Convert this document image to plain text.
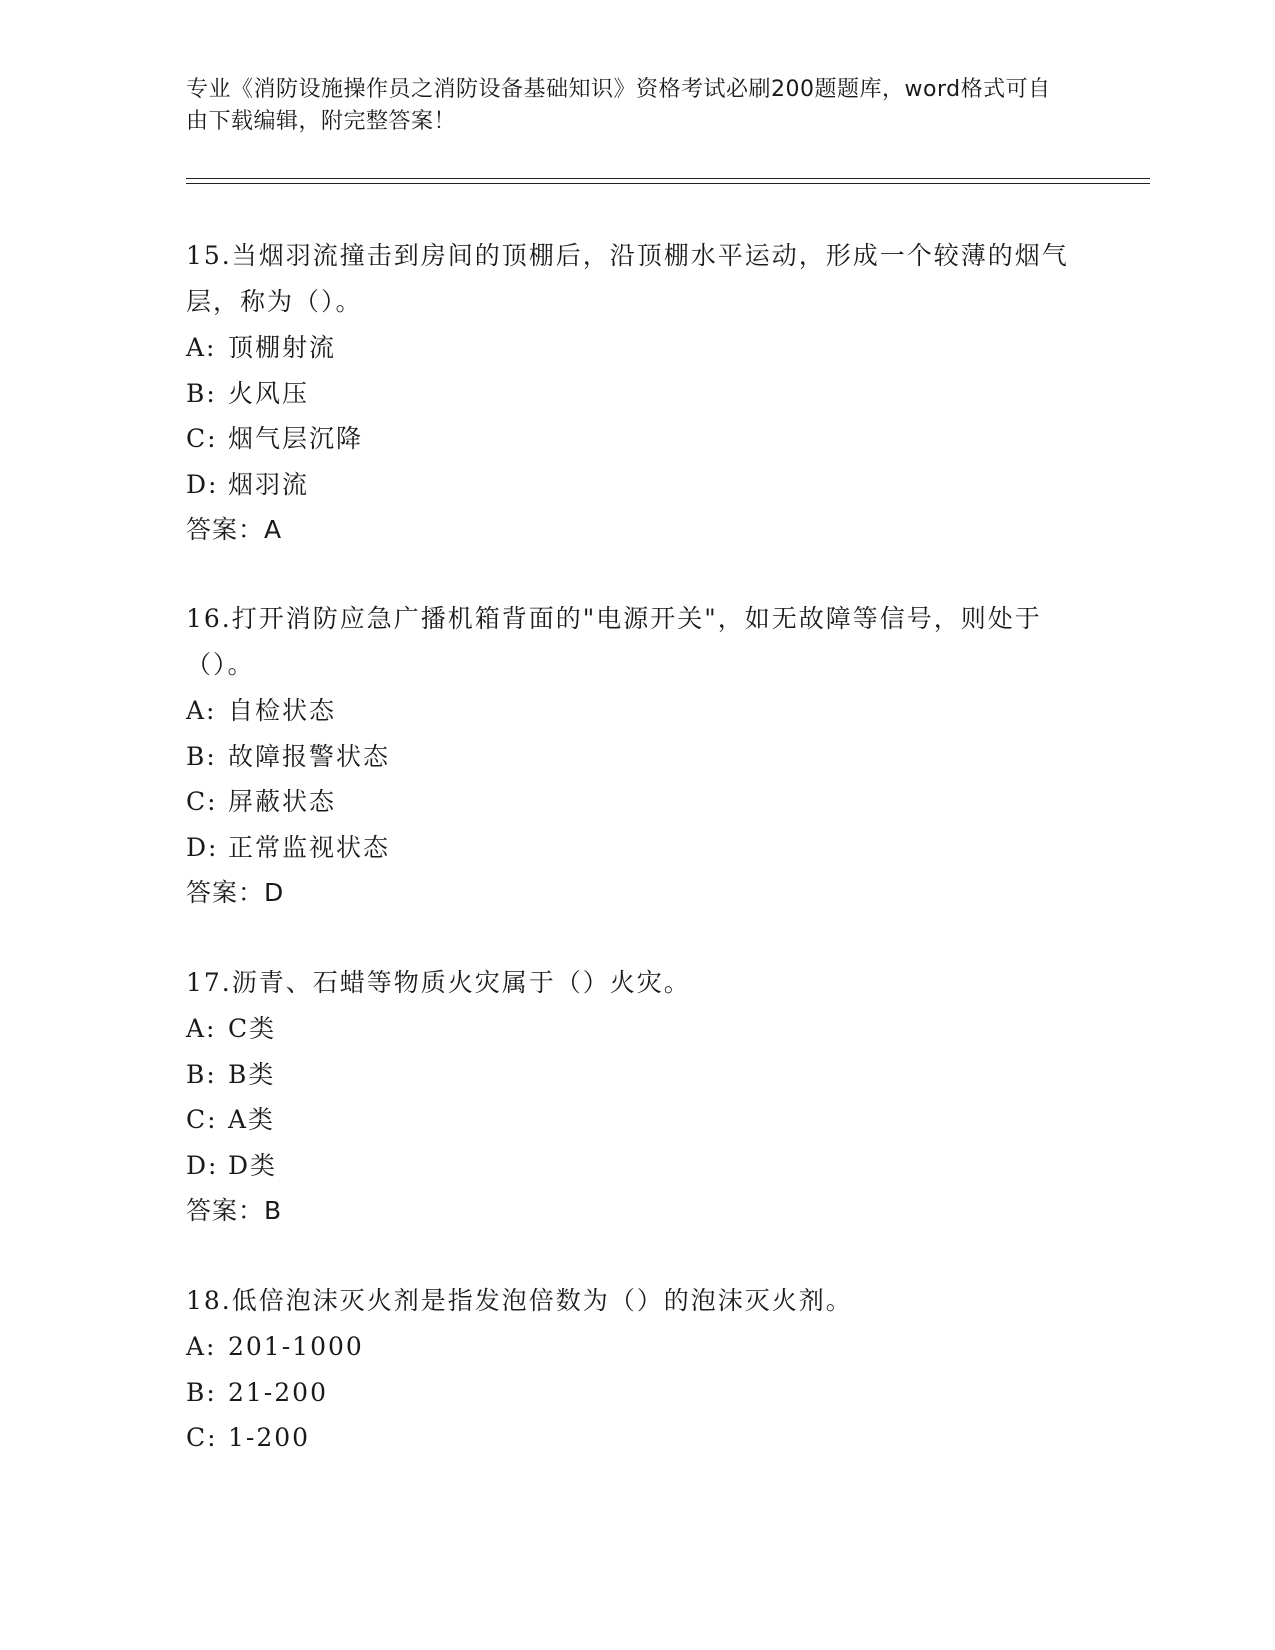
专业《消防设施操作员之消防设备基础知识》资格考试必刷200题题库，word格式可自由下载编辑，附完整答案！

15.当烟羽流撞击到房间的顶棚后，沿顶棚水平运动，形成一个较薄的烟气层，称为（）。

A: 顶棚射流

B: 火风压

C: 烟气层沉降

D: 烟羽流

答案：A

16.打开消防应急广播机箱背面的"电源开关"，如无故障等信号，则处于（）。

A: 自检状态

B: 故障报警状态

C: 屏蔽状态

D: 正常监视状态

答案：D

17.沥青、石蜡等物质火灾属于（）火灾。

A: C类

B: B类

C: A类

D: D类

答案：B

18.低倍泡沫灭火剂是指发泡倍数为（）的泡沫灭火剂。

A: 201-1000

B: 21-200

C: 1-200
